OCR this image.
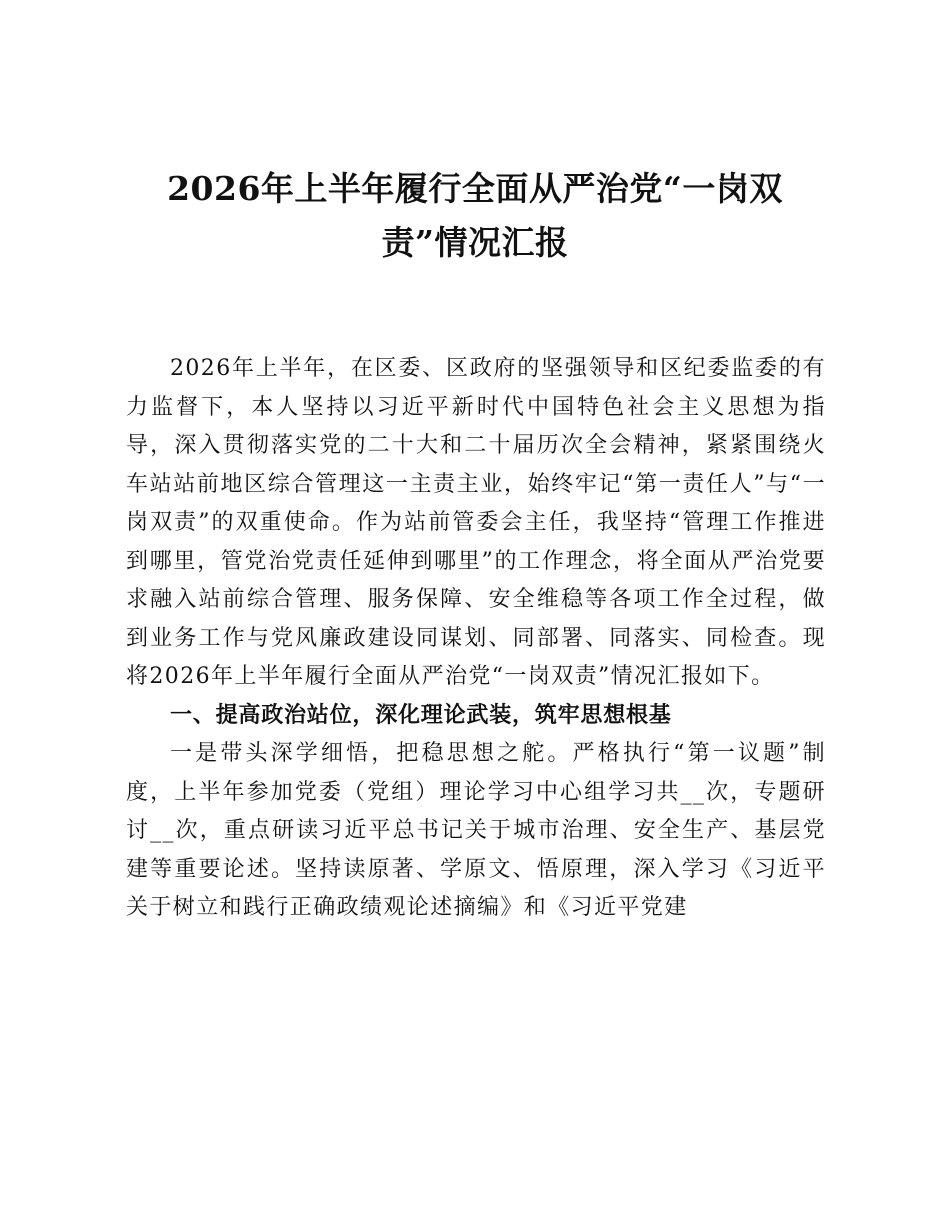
2026年上半年履行全面从严治党“一岗双责”情况汇报

2026年上半年，在区委、区政府的坚强领导和区纪委监委的有力监督下，本人坚持以习近平新时代中国特色社会主义思想为指导，深入贯彻落实党的二十大和二十届历次全会精神，紧紧围绕火车站站前地区综合管理这一主责主业，始终牢记“第一责任人”与“一岗双责”的双重使命。作为站前管委会主任，我坚持“管理工作推进到哪里，管党治党责任延伸到哪里”的工作理念，将全面从严治党要求融入站前综合管理、服务保障、安全维稳等各项工作全过程，做到业务工作与党风廉政建设同谋划、同部署、同落实、同检查。现将2026年上半年履行全面从严治党“一岗双责”情况汇报如下。

一、提高政治站位，深化理论武装，筑牢思想根基

一是带头深学细悟，把稳思想之舵。严格执行“第一议题”制度，上半年参加党委（党组）理论学习中心组学习共__次，专题研讨__次，重点研读习近平总书记关于城市治理、安全生产、基层党建等重要论述。坚持读原著、学原文、悟原理，深入学习《习近平关于树立和践行正确政绩观论述摘编》和《习近平党建
